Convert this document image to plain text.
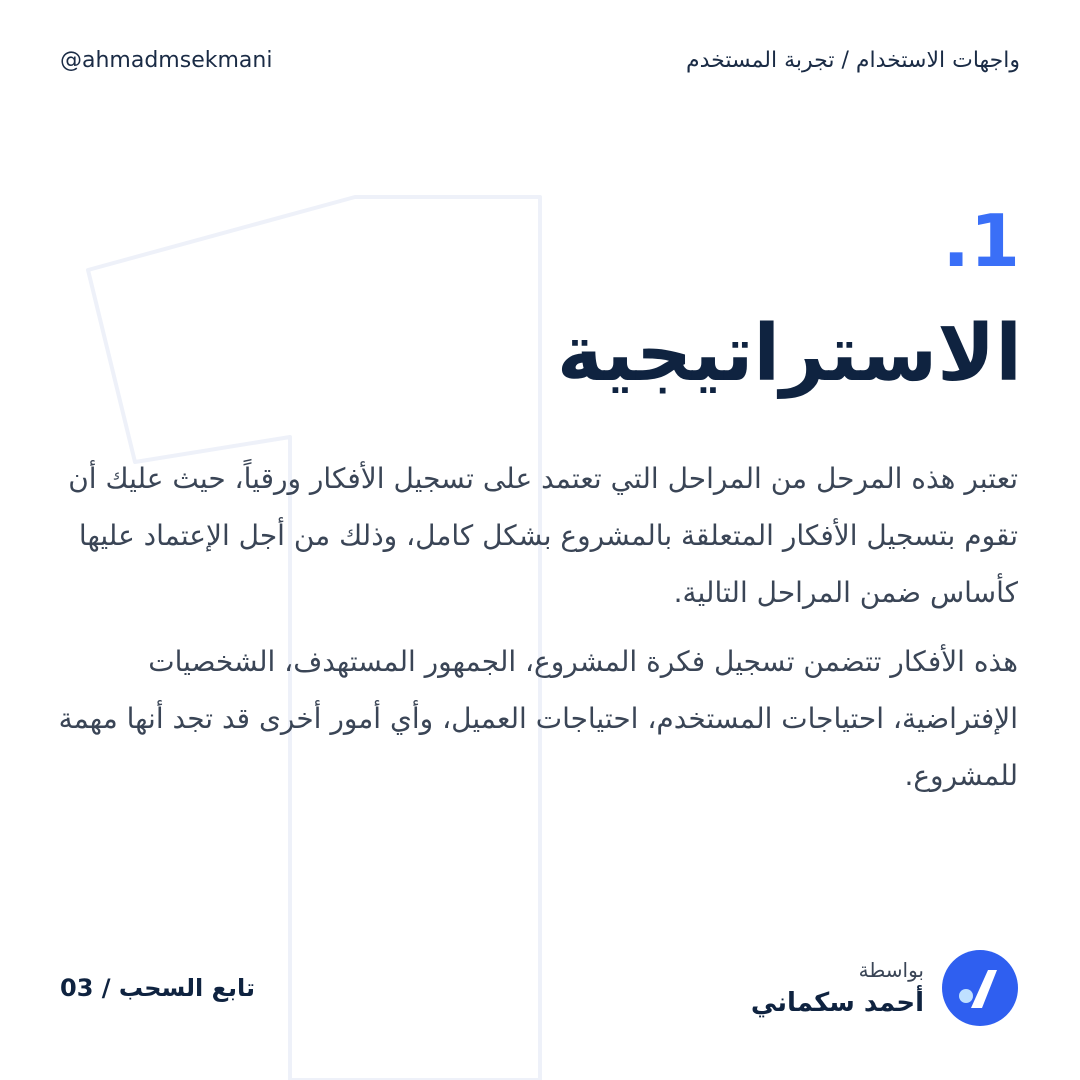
@ahmadmsekmani	واجهات الاستخدام / تجربة المستخدم
1.
الاستراتيجية

تعتبر هذه المرحل من المراحل التي تعتمد على تسجيل الأفكار ورقياً، حيث عليك أن تقوم بتسجيل الأفكار المتعلقة بالمشروع بشكل كامل، وذلك من أجل الإعتماد عليها كأساس ضمن المراحل التالية.

هذه الأفكار تتضمن تسجيل فكرة المشروع، الجمهور المستهدف، الشخصيات الإفتراضية، احتياجات المستخدم، احتياجات العميل، وأي أمور أخرى قد تجد أنها مهمة للمشروع.

تابع السحب / 03
بواسطة
أحمد سكماني
